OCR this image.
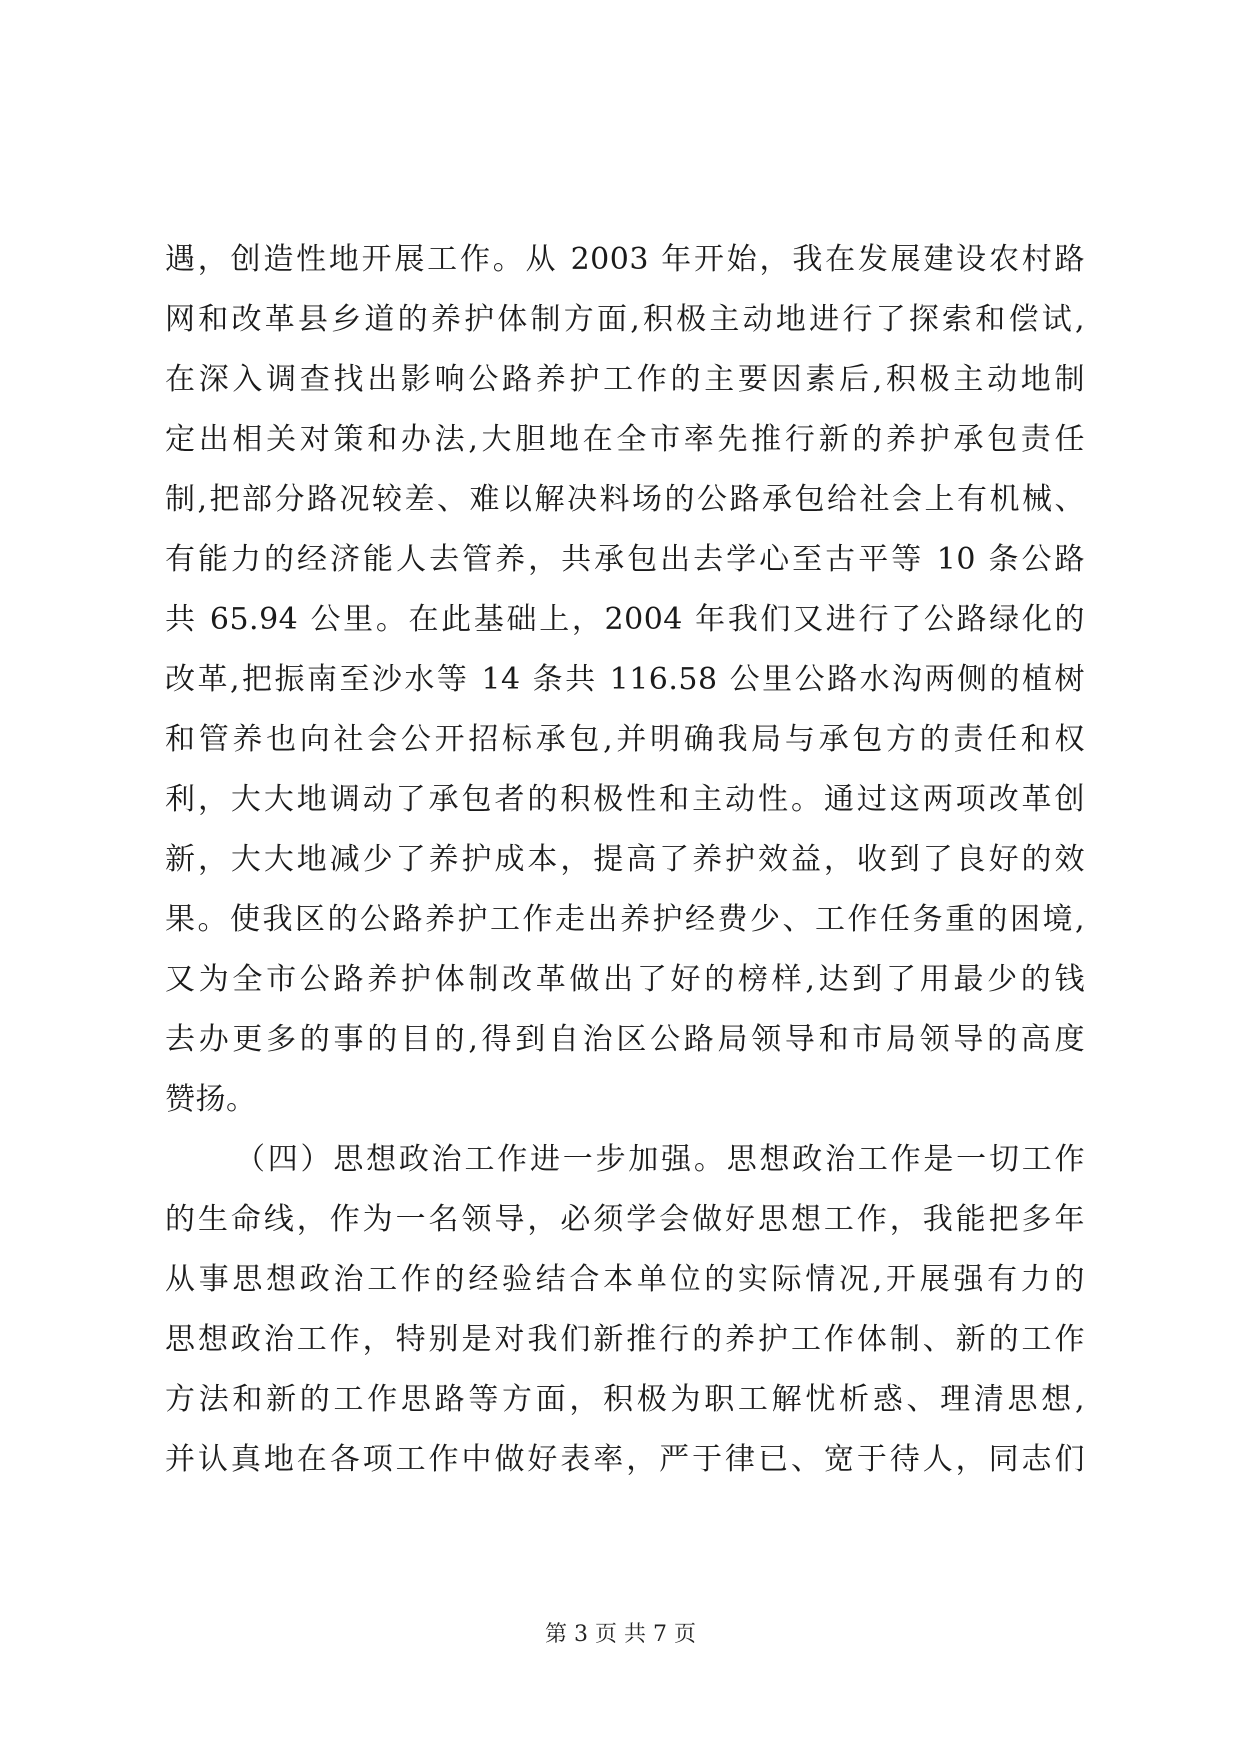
遇，创造性地开展工作。从 2003 年开始，我在发展建设农村路
网和改革县乡道的养护体制方面,积极主动地进行了探索和偿试,
在深入调查找出影响公路养护工作的主要因素后,积极主动地制
定出相关对策和办法,大胆地在全市率先推行新的养护承包责任
制,把部分路况较差、难以解决料场的公路承包给社会上有机械、
有能力的经济能人去管养，共承包出去学心至古平等 10 条公路
共 65.94 公里。在此基础上，2004 年我们又进行了公路绿化的
改革,把振南至沙水等 14 条共 116.58 公里公路水沟两侧的植树
和管养也向社会公开招标承包,并明确我局与承包方的责任和权
利，大大地调动了承包者的积极性和主动性。通过这两项改革创
新，大大地减少了养护成本，提高了养护效益，收到了良好的效
果。使我区的公路养护工作走出养护经费少、工作任务重的困境,
又为全市公路养护体制改革做出了好的榜样,达到了用最少的钱
去办更多的事的目的,得到自治区公路局领导和市局领导的高度
赞扬。
（四）思想政治工作进一步加强。思想政治工作是一切工作
的生命线，作为一名领导，必须学会做好思想工作，我能把多年
从事思想政治工作的经验结合本单位的实际情况,开展强有力的
思想政治工作，特别是对我们新推行的养护工作体制、新的工作
方法和新的工作思路等方面，积极为职工解忧析惑、理清思想,
并认真地在各项工作中做好表率，严于律已、宽于待人，同志们
第 3 页 共 7 页
